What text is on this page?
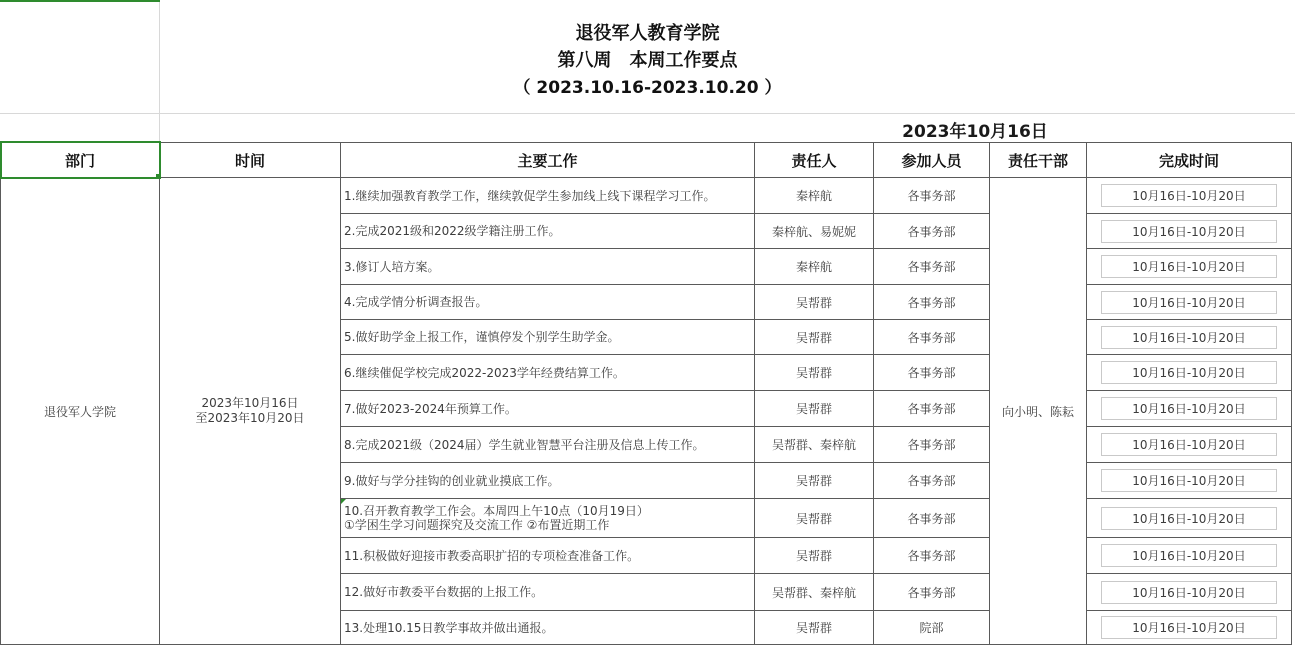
退役军人教育学院
第八周　本周工作要点
（ 2023.10.16-2023.10.20 ）
2023年10月16日
部门	时间	主要工作	责任人	参加人员	责任干部	完成时间
退役军人学院	2023年10月16日
至2023年10月20日	1.继续加强教育教学工作，继续敦促学生参加线上线下课程学习工作。	秦梓航	各事务部	向小明、陈耘	10月16日-10月20日
		2.完成2021级和2022级学籍注册工作。	秦梓航、易妮妮	各事务部		10月16日-10月20日
		3.修订人培方案。	秦梓航	各事务部		10月16日-10月20日
		4.完成学情分析调查报告。	吴帮群	各事务部		10月16日-10月20日
		5.做好助学金上报工作，谨慎停发个别学生助学金。	吴帮群	各事务部		10月16日-10月20日
		6.继续催促学校完成2022-2023学年经费结算工作。	吴帮群	各事务部		10月16日-10月20日
		7.做好2023-2024年预算工作。	吴帮群	各事务部		10月16日-10月20日
		8.完成2021级（2024届）学生就业智慧平台注册及信息上传工作。	吴帮群、秦梓航	各事务部		10月16日-10月20日
		9.做好与学分挂钩的创业就业摸底工作。	吴帮群	各事务部		10月16日-10月20日

		10.召开教育教学工作会。本周四上午10点（10月19日）
①学困生学习问题探究及交流工作 ②布置近期工作	吴帮群	各事务部		10月16日-10月20日
		11.积极做好迎接市教委高职扩招的专项检查准备工作。	吴帮群	各事务部		10月16日-10月20日
		12.做好市教委平台数据的上报工作。	吴帮群、秦梓航	各事务部		10月16日-10月20日
		13.处理10.15日教学事故并做出通报。	吴帮群	院部		10月16日-10月20日
